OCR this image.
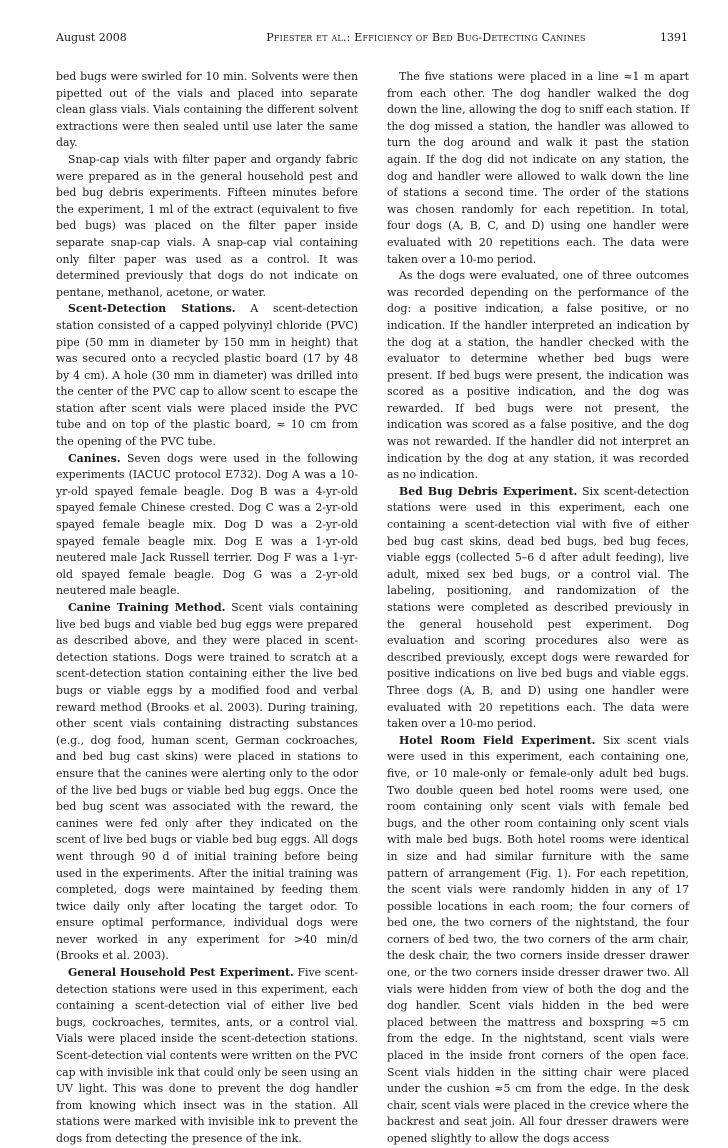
August 2008	Pfiester et al.: Efficiency of Bed Bug-Detecting Canines	1391

bed bugs were swirled for 10 min. Solvents were then pipetted out of the vials and placed into separate clean glass vials. Vials containing the different solvent extractions were then sealed until use later the same day.

Snap-cap vials with filter paper and organdy fabric were prepared as in the general household pest and bed bug debris experiments. Fifteen minutes before the experiment, 1 ml of the extract (equivalent to five bed bugs) was placed on the filter paper inside separate snap-cap vials. A snap-cap vial containing only filter paper was used as a control. It was determined previously that dogs do not indicate on pentane, methanol, acetone, or water.

Scent-Detection Stations. A scent-detection station consisted of a capped polyvinyl chloride (PVC) pipe (50 mm in diameter by 150 mm in height) that was secured onto a recycled plastic board (17 by 48 by 4 cm). A hole (30 mm in diameter) was drilled into the center of the PVC cap to allow scent to escape the station after scent vials were placed inside the PVC tube and on top of the plastic board, ≈ 10 cm from the opening of the PVC tube.

Canines. Seven dogs were used in the following experiments (IACUC protocol E732). Dog A was a 10-yr-old spayed female beagle. Dog B was a 4-yr-old spayed female Chinese crested. Dog C was a 2-yr-old spayed female beagle mix. Dog D was a 2-yr-old spayed female beagle mix. Dog E was a 1-yr-old neutered male Jack Russell terrier. Dog F was a 1-yr-old spayed female beagle. Dog G was a 2-yr-old neutered male beagle.

Canine Training Method. Scent vials containing live bed bugs and viable bed bug eggs were prepared as described above, and they were placed in scent-detection stations. Dogs were trained to scratch at a scent-detection station containing either the live bed bugs or viable eggs by a modified food and verbal reward method (Brooks et al. 2003). During training, other scent vials containing distracting substances (e.g., dog food, human scent, German cockroaches, and bed bug cast skins) were placed in stations to ensure that the canines were alerting only to the odor of the live bed bugs or viable bed bug eggs. Once the bed bug scent was associated with the reward, the canines were fed only after they indicated on the scent of live bed bugs or viable bed bug eggs. All dogs went through 90 d of initial training before being used in the experiments. After the initial training was completed, dogs were maintained by feeding them twice daily only after locating the target odor. To ensure optimal performance, individual dogs were never worked in any experiment for >40 min/d (Brooks et al. 2003).

General Household Pest Experiment. Five scent-detection stations were used in this experiment, each containing a scent-detection vial of either live bed bugs, cockroaches, termites, ants, or a control vial. Vials were placed inside the scent-detection stations. Scent-detection vial contents were written on the PVC cap with invisible ink that could only be seen using an UV light. This was done to prevent the dog handler from knowing which insect was in the station. All stations were marked with invisible ink to prevent the dogs from detecting the presence of the ink.

The five stations were placed in a line ≈1 m apart from each other. The dog handler walked the dog down the line, allowing the dog to sniff each station. If the dog missed a station, the handler was allowed to turn the dog around and walk it past the station again. If the dog did not indicate on any station, the dog and handler were allowed to walk down the line of stations a second time. The order of the stations was chosen randomly for each repetition. In total, four dogs (A, B, C, and D) using one handler were evaluated with 20 repetitions each. The data were taken over a 10-mo period.

As the dogs were evaluated, one of three outcomes was recorded depending on the performance of the dog: a positive indication, a false positive, or no indication. If the handler interpreted an indication by the dog at a station, the handler checked with the evaluator to determine whether bed bugs were present. If bed bugs were present, the indication was scored as a positive indication, and the dog was rewarded. If bed bugs were not present, the indication was scored as a false positive, and the dog was not rewarded. If the handler did not interpret an indication by the dog at any station, it was recorded as no indication.

Bed Bug Debris Experiment. Six scent-detection stations were used in this experiment, each one containing a scent-detection vial with five of either bed bug cast skins, dead bed bugs, bed bug feces, viable eggs (collected 5–6 d after adult feeding), live adult, mixed sex bed bugs, or a control vial. The labeling, positioning, and randomization of the stations were completed as described previously in the general household pest experiment. Dog evaluation and scoring procedures also were as described previously, except dogs were rewarded for positive indications on live bed bugs and viable eggs. Three dogs (A, B, and D) using one handler were evaluated with 20 repetitions each. The data were taken over a 10-mo period.

Hotel Room Field Experiment. Six scent vials were used in this experiment, each containing one, five, or 10 male-only or female-only adult bed bugs. Two double queen bed hotel rooms were used, one room containing only scent vials with female bed bugs, and the other room containing only scent vials with male bed bugs. Both hotel rooms were identical in size and had similar furniture with the same pattern of arrangement (Fig. 1). For each repetition, the scent vials were randomly hidden in any of 17 possible locations in each room; the four corners of bed one, the two corners of the nightstand, the four corners of bed two, the two corners of the arm chair, the desk chair, the two corners inside dresser drawer one, or the two corners inside dresser drawer two. All vials were hidden from view of both the dog and the dog handler. Scent vials hidden in the bed were placed between the mattress and boxspring ≈5 cm from the edge. In the nightstand, scent vials were placed in the inside front corners of the open face. Scent vials hidden in the sitting chair were placed under the cushion ≈5 cm from the edge. In the desk chair, scent vials were placed in the crevice where the backrest and seat join. All four dresser drawers were opened slightly to allow the dogs access
